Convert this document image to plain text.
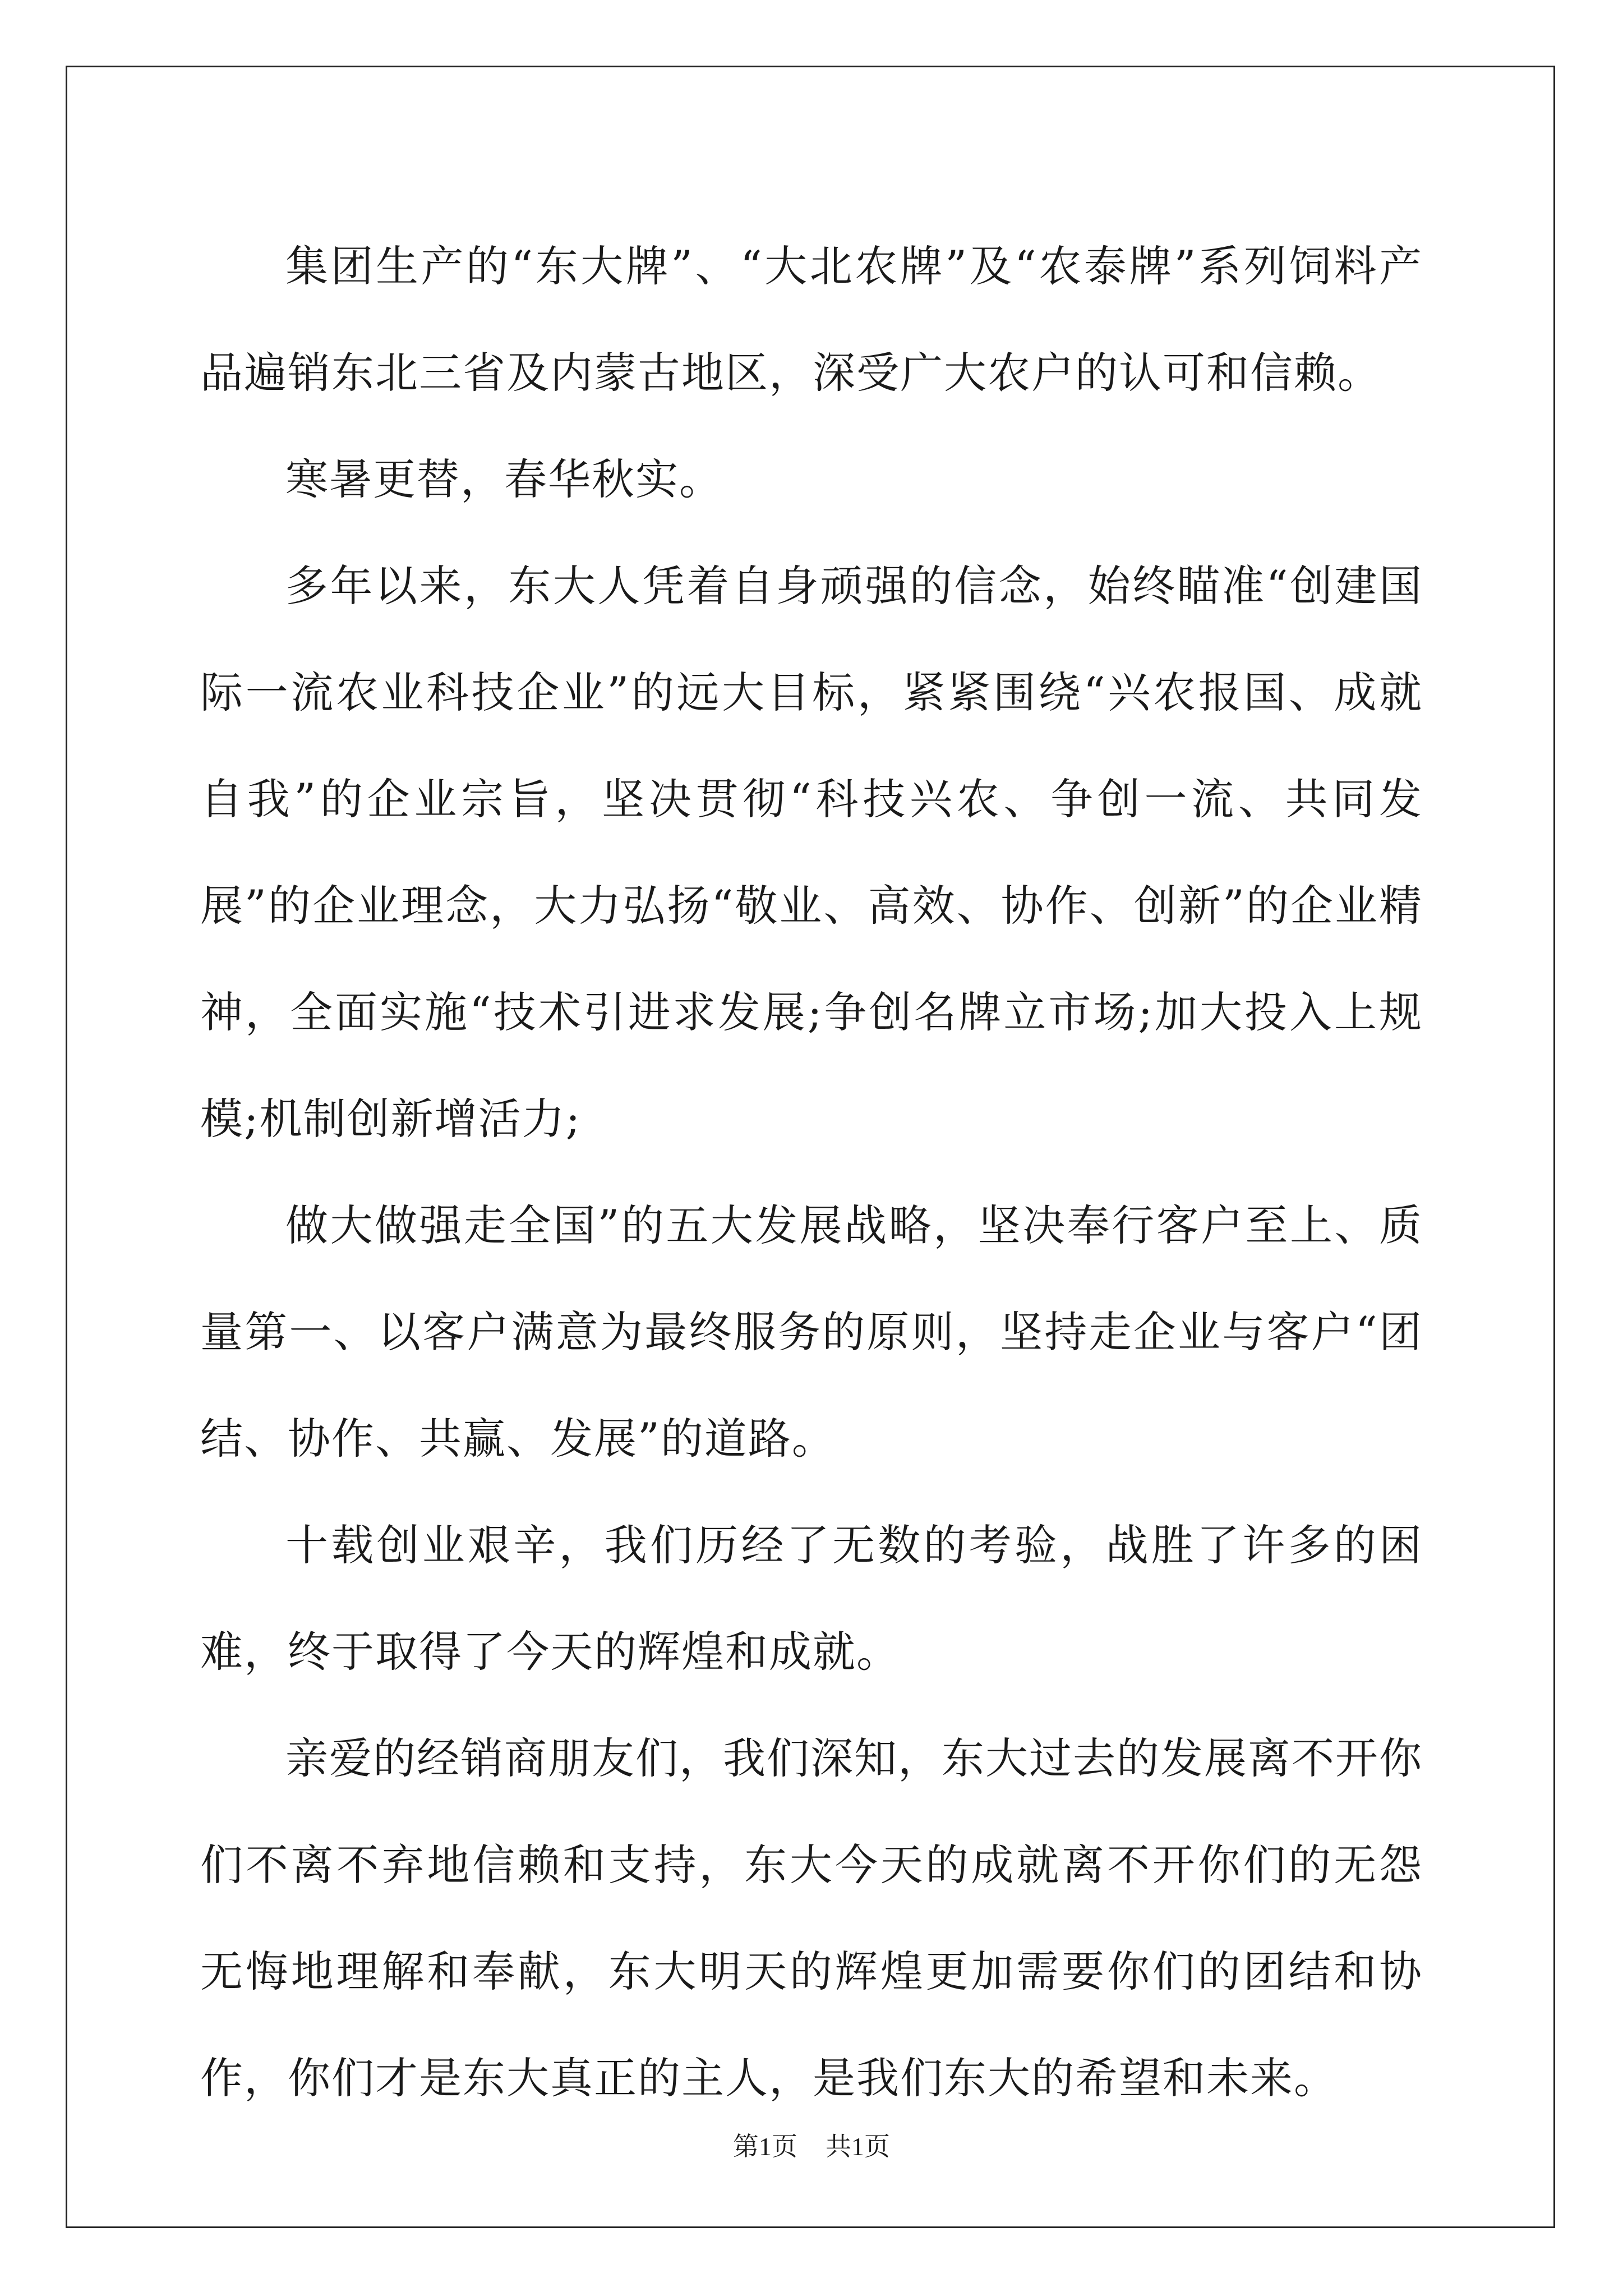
集团生产的“东大牌”、“大北农牌”及“农泰牌”系列饲料产品遍销东北三省及内蒙古地区，深受广大农户的认可和信赖。

寒暑更替，春华秋实。

多年以来，东大人凭着自身顽强的信念，始终瞄准“创建国际一流农业科技企业”的远大目标，紧紧围绕“兴农报国、成就自我”的企业宗旨，坚决贯彻“科技兴农、争创一流、共同发展”的企业理念，大力弘扬“敬业、高效、协作、创新”的企业精神，全面实施“技术引进求发展;争创名牌立市场;加大投入上规模;机制创新增活力;

做大做强走全国”的五大发展战略，坚决奉行客户至上、质量第一、以客户满意为最终服务的原则，坚持走企业与客户“团结、协作、共赢、发展”的道路。

十载创业艰辛，我们历经了无数的考验，战胜了许多的困难，终于取得了今天的辉煌和成就。

亲爱的经销商朋友们，我们深知，东大过去的发展离不开你们不离不弃地信赖和支持，东大今天的成就离不开你们的无怨无悔地理解和奉献，东大明天的辉煌更加需要你们的团结和协作，你们才是东大真正的主人，是我们东大的希望和未来。

第1页 共1页
